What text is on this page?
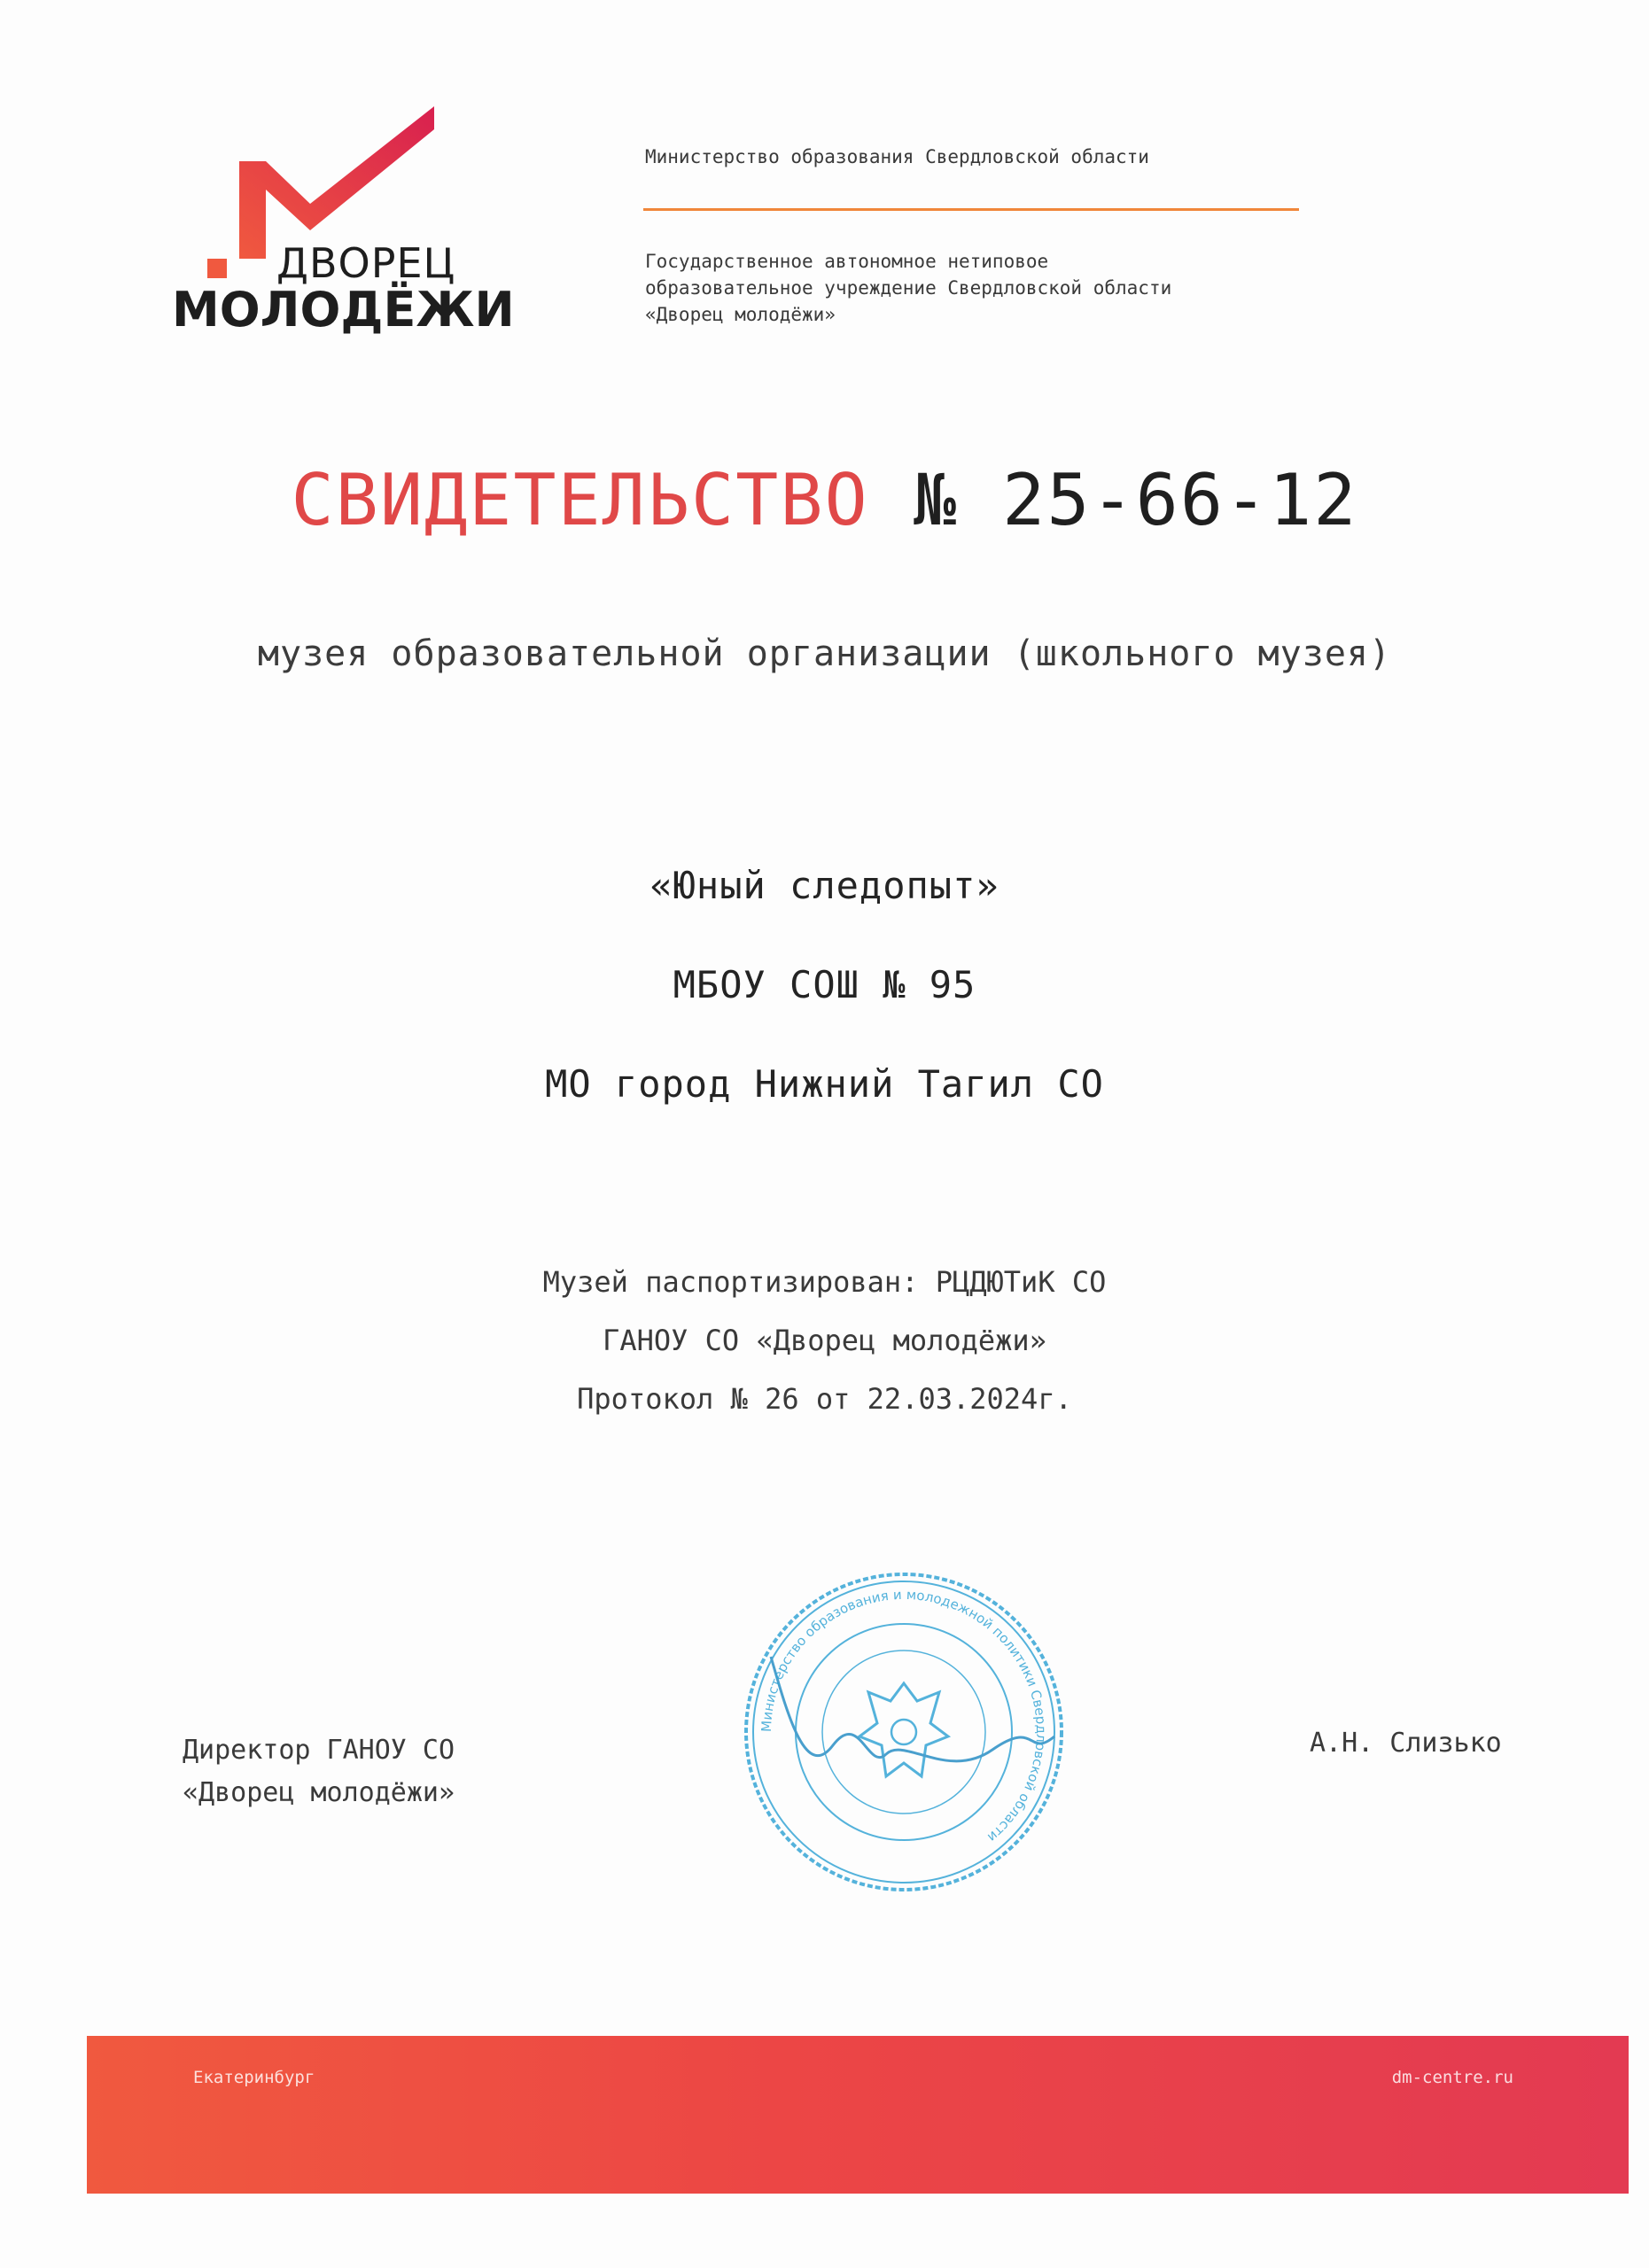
ДВОРЕЦ
МОЛОДЁЖИ
Министерство образования Свердловской области
Государственное автономное нетиповое
образовательное учреждение Свердловской области
«Дворец молодёжи»
СВИДЕТЕЛЬСТВО № 25-66-12
музея образовательной организации (школьного музея)
«Юный следопыт»
МБОУ СОШ № 95
МО город Нижний Тагил СО
Музей паспортизирован: РЦДЮТиК СО
ГАНОУ СО «Дворец молодёжи»
Протокол № 26 от 22.03.2024г.
Директор ГАНОУ СО
«Дворец молодёжи»
А.Н. Слизько
Министерство образования и молодежной политики Свердловской области
Екатеринбург	dm-centre.ru
